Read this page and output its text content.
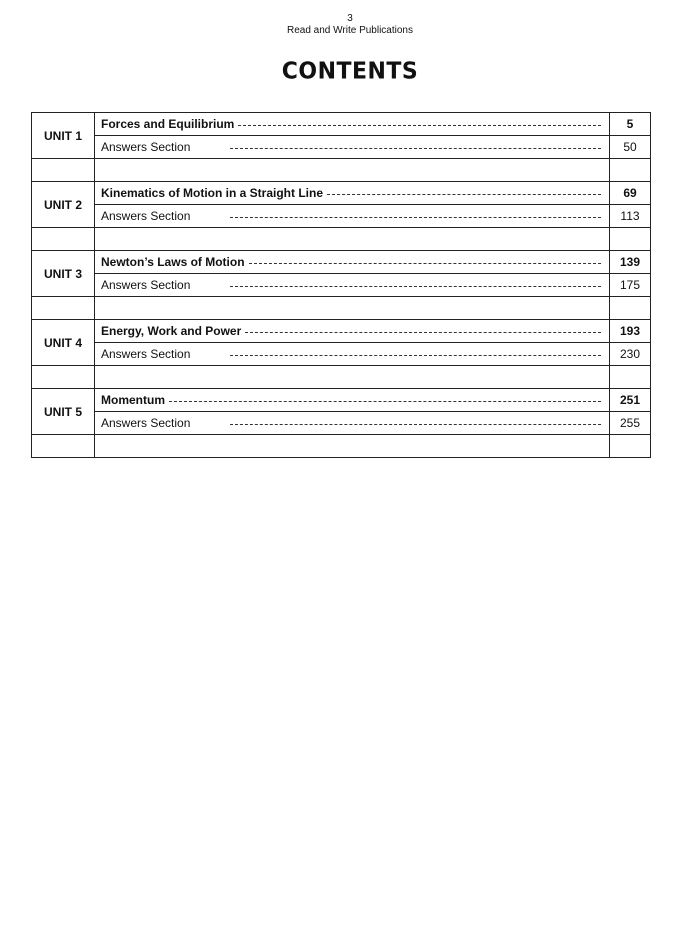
3
Read and Write Publications
CONTENTS
UNIT 1	Forces and Equilibrium	5

	Answers Section	50

UNIT 2	Kinematics of Motion in a Straight Line	69

	Answers Section	113

UNIT 3	Newton’s Laws of Motion	139

	Answers Section	175

UNIT 4	Energy, Work and Power	193

	Answers Section	230

UNIT 5	Momentum	251

	Answers Section	255
